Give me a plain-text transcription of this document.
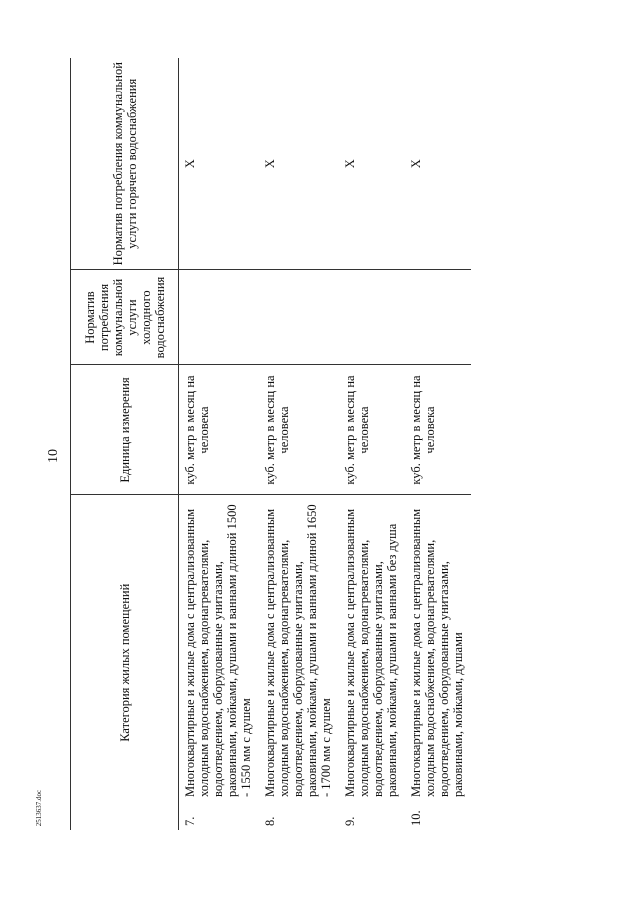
10
2513637.doc
Категория жилых помещений		Единица измерения	Норматив потребления коммунальной услуги холодного водоснабжения	Норматив потребления коммунальной услуги горячего водоснабжения
7.	Многоквартирные и жилые дома с централизованным холодным водоснабжением, водонагревателями, водоотведением, оборудованные унитазами, раковинами, мойками, душами и ваннами длиной 1500 - 1550 мм с душем	куб. метр в месяц на человека		Х
8.	Многоквартирные и жилые дома с централизованным холодным водоснабжением, водонагревателями, водоотведением, оборудованные унитазами, раковинами, мойками, душами и ваннами длиной 1650 - 1700 мм с душем	куб. метр в месяц на человека		Х
9.	Многоквартирные и жилые дома с централизованным холодным водоснабжением, водонагревателями, водоотведением, оборудованные унитазами, раковинами, мойками, душами и ваннами без душа	куб. метр в месяц на человека		Х
10.	Многоквартирные и жилые дома с централизованным холодным водоснабжением, водонагревателями, водоотведением, оборудованные унитазами, раковинами, мойками, душами	куб. метр в месяц на человека		Х
